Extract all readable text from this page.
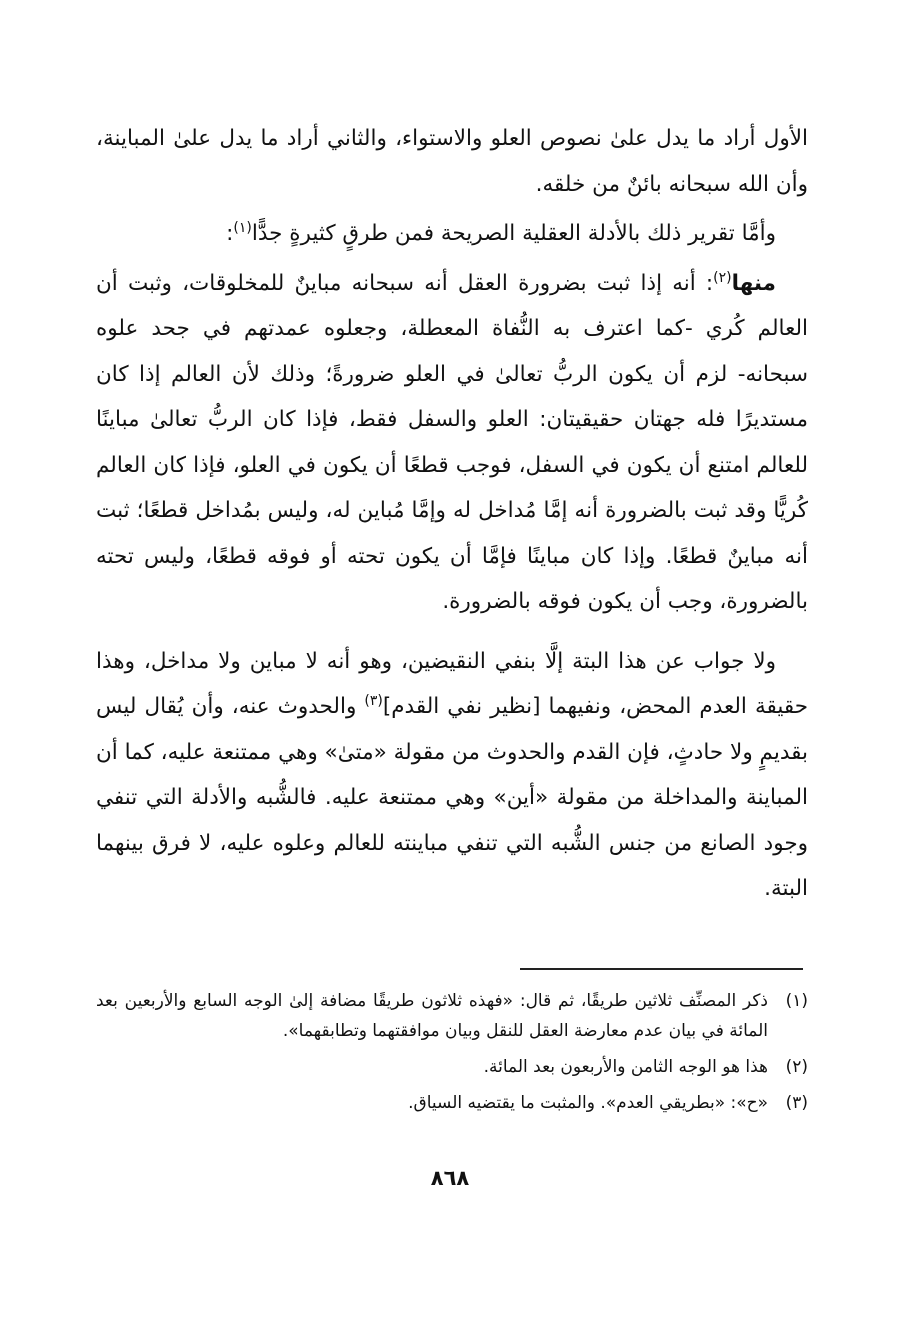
الأول أراد ما يدل علىٰ نصوص العلو والاستواء، والثاني أراد ما يدل علىٰ المباينة، وأن الله سبحانه بائنٌ من خلقه.

وأمَّا تقرير ذلك بالأدلة العقلية الصريحة فمن طرقٍ كثيرةٍ جدًّا$^{(١)}$:

منها$^{(٢)}$: أنه إذا ثبت بضرورة العقل أنه سبحانه مباينٌ للمخلوقات، وثبت أن العالم كُري -كما اعترف به النُّفاة المعطلة، وجعلوه عمدتهم في جحد علوه سبحانه- لزم أن يكون الربُّ تعالىٰ في العلو ضرورةً؛ وذلك لأن العالم إذا كان مستديرًا فله جهتان حقيقيتان: العلو والسفل فقط، فإذا كان الربُّ تعالىٰ مباينًا للعالم امتنع أن يكون في السفل، فوجب قطعًا أن يكون في العلو، فإذا كان العالم كُريًّا وقد ثبت بالضرورة أنه إمَّا مُداخل له وإمَّا مُباين له، وليس بمُداخل قطعًا؛ ثبت أنه مباينٌ قطعًا. وإذا كان مباينًا فإمَّا أن يكون تحته أو فوقه قطعًا، وليس تحته بالضرورة، وجب أن يكون فوقه بالضرورة.

ولا جواب عن هذا البتة إلَّا بنفي النقيضين، وهو أنه لا مباين ولا مداخل، وهذا حقيقة العدم المحض، ونفيهما [نظير نفي القدم]$^{(٣)}$ والحدوث عنه، وأن يُقال ليس بقديمٍ ولا حادثٍ، فإن القدم والحدوث من مقولة «متىٰ» وهي ممتنعة عليه، كما أن المباينة والمداخلة من مقولة «أين» وهي ممتنعة عليه. فالشُّبه والأدلة التي تنفي وجود الصانع من جنس الشُّبه التي تنفي مباينته للعالم وعلوه عليه، لا فرق بينهما البتة.

(١)
ذكر المصنِّف ثلاثين طريقًا، ثم قال: «فهذه ثلاثون طريقًا مضافة إلىٰ الوجه السابع والأربعين بعد المائة في بيان عدم معارضة العقل للنقل وبيان موافقتهما وتطابقهما».
(٢)
هذا هو الوجه الثامن والأربعون بعد المائة.
(٣)
«ح»: «بطريقي العدم». والمثبت ما يقتضيه السياق.
٨٦٨
